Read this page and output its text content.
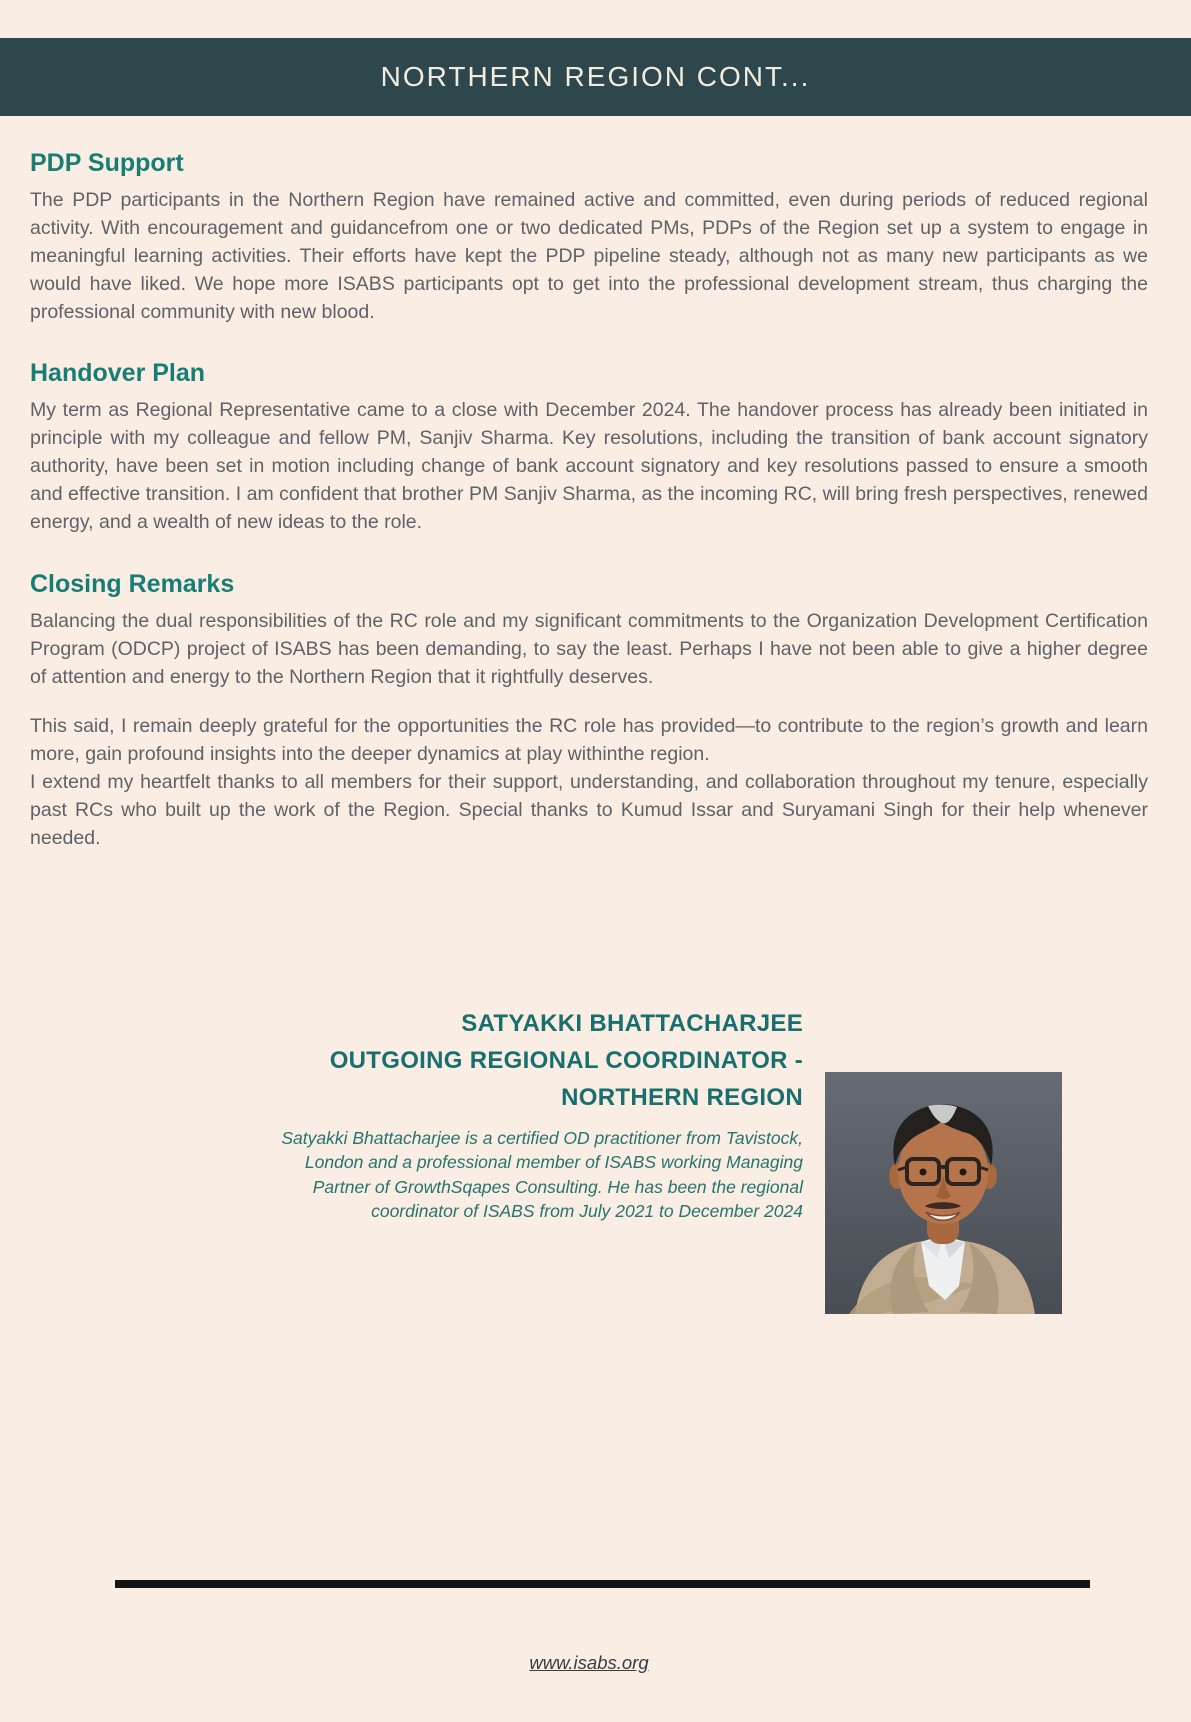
NORTHERN REGION CONT...
PDP Support

The PDP participants in the Northern Region have remained active and committed, even during periods of reduced regional activity. With encouragement and guidancefrom one or two dedicated PMs, PDPs of the Region set up a system to engage in meaningful learning activities. Their efforts have kept the PDP pipeline steady, although not as many new participants as we would have liked. We hope more ISABS participants opt to get into the professional development stream, thus charging the professional community with new blood.

Handover Plan

My term as Regional Representative came to a close with December 2024. The handover process has already been initiated in principle with my colleague and fellow PM, Sanjiv Sharma. Key resolutions, including the transition of bank account signatory authority, have been set in motion including change of bank account signatory and key resolutions passed to ensure a smooth and effective transition. I am confident that brother PM Sanjiv Sharma, as the incoming RC, will bring fresh perspectives, renewed energy, and a wealth of new ideas to the role.

Closing Remarks

Balancing the dual responsibilities of the RC role and my significant commitments to the Organization Development Certification Program (ODCP) project of ISABS has been demanding, to say the least. Perhaps I have not been able to give a higher degree of attention and energy to the Northern Region that it rightfully deserves.

This said, I remain deeply grateful for the opportunities the RC role has provided—to contribute to the region’s growth and learn more, gain profound insights into the deeper dynamics at play withinthe region.

I extend my heartfelt thanks to all members for their support, understanding, and collaboration throughout my tenure, especially past RCs who built up the work of the Region. Special thanks to Kumud Issar and Suryamani Singh for their help whenever needed.

SATYAKKI BHATTACHARJEE
OUTGOING REGIONAL COORDINATOR -
NORTHERN REGION
Satyakki Bhattacharjee is a certified OD practitioner from Tavistock,
London and a professional member of ISABS working Managing
Partner of GrowthSqapes Consulting. He has been the regional
coordinator of ISABS from July 2021 to December 2024
www.isabs.org
